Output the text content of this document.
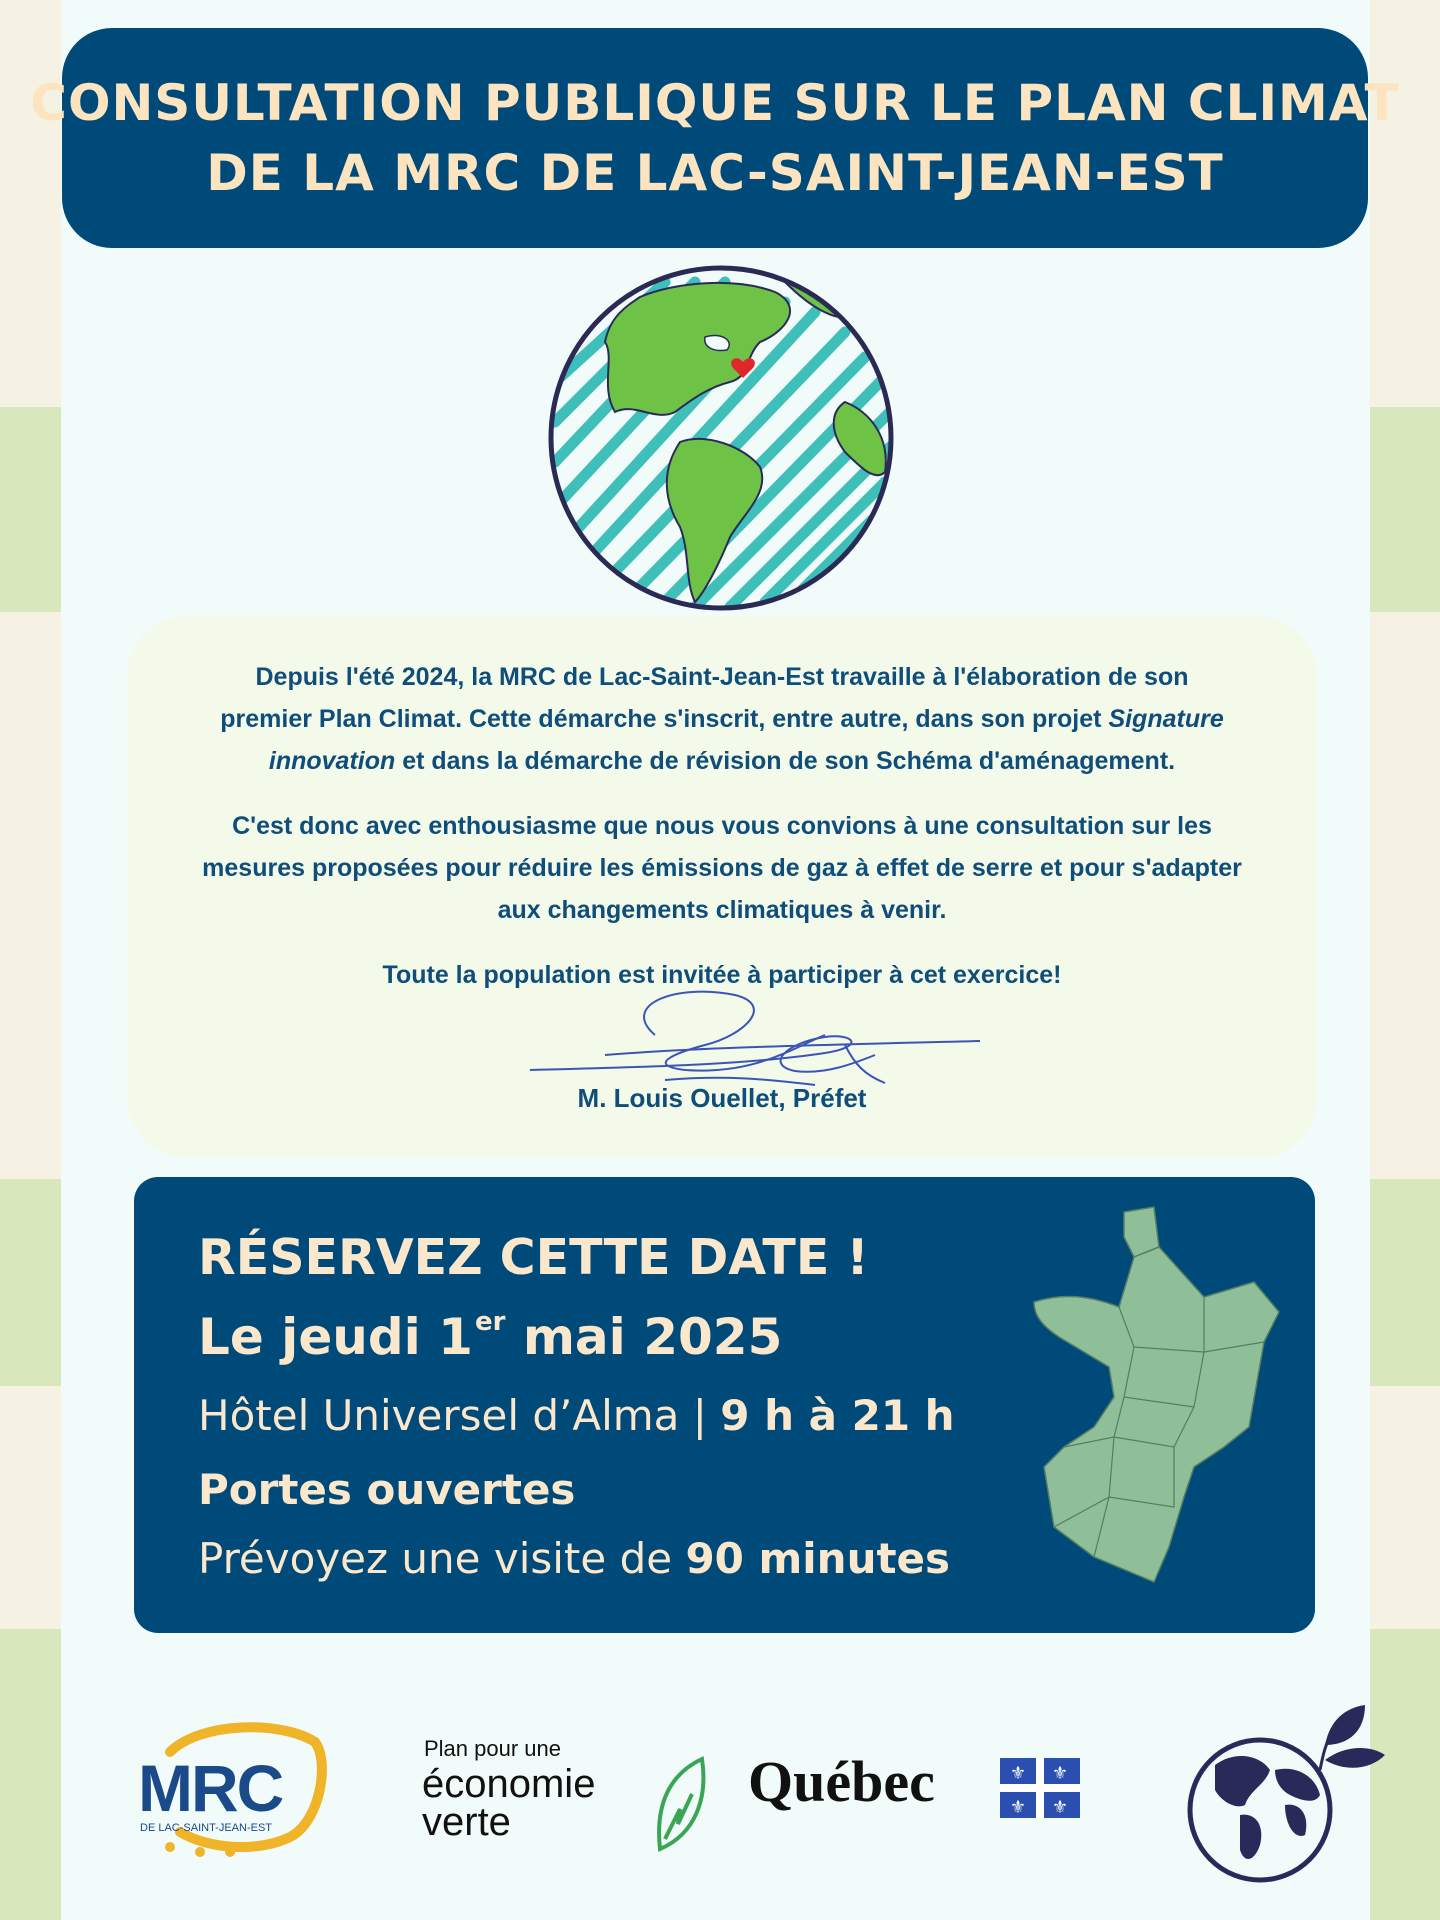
CONSULTATION PUBLIQUE SUR LE PLAN CLIMAT
DE LA MRC DE LAC-SAINT-JEAN-EST
Depuis l'été 2024, la MRC de Lac-Saint-Jean-Est travaille à l'élaboration de son
premier Plan Climat. Cette démarche s'inscrit, entre autre, dans son projet Signature
innovation et dans la démarche de révision de son Schéma d'aménagement.
C'est donc avec enthousiasme que nous vous convions à une consultation sur les
mesures proposées pour réduire les émissions de gaz à effet de serre et pour s'adapter
aux changements climatiques à venir.
Toute la population est invitée à participer à cet exercice!
M. Louis Ouellet, Préfet
RÉSERVEZ CETTE DATE !
Le jeudi 1er mai 2025
Hôtel Universel d’Alma | 9 h à 21 h
Portes ouvertes
Prévoyez une visite de 90 minutes
MRC
DE LAC-SAINT-JEAN-EST
Plan pour une
économie
verte
Québec	⚜ ⚜
⚜ ⚜
